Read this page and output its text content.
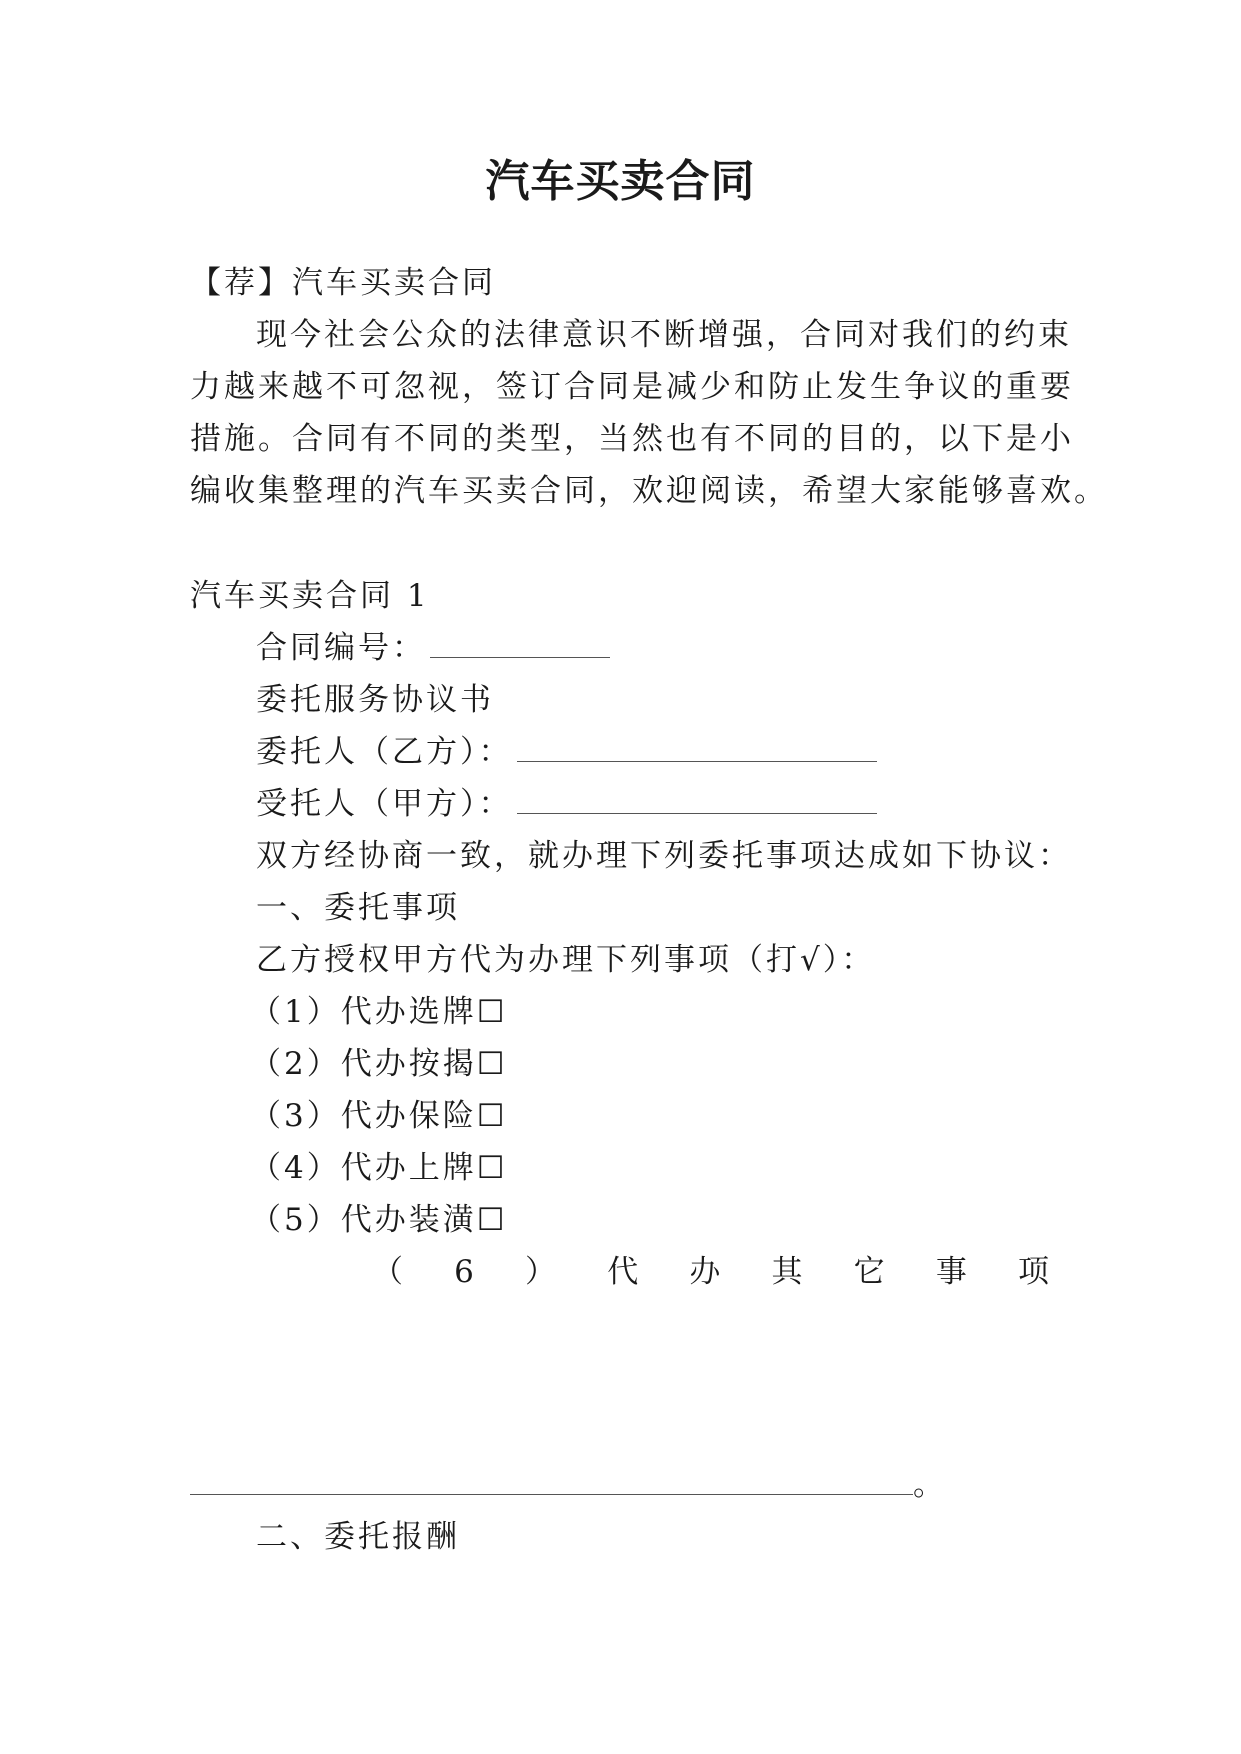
汽车买卖合同
【荐】汽车买卖合同
现今社会公众的法律意识不断增强，合同对我们的约束
力越来越不可忽视，签订合同是减少和防止发生争议的重要
措施。合同有不同的类型，当然也有不同的目的，以下是小
编收集整理的汽车买卖合同，欢迎阅读，希望大家能够喜欢。
汽车买卖合同 1
合同编号：
委托服务协议书
委托人（乙方）：
受托人（甲方）：
双方经协商一致，就办理下列委托事项达成如下协议：
一、委托事项
乙方授权甲方代为办理下列事项（打√）：
（1）代办选牌☐
（2）代办按揭☐
（3）代办保险☐
（4）代办上牌☐
（5）代办装潢☐
（ 6 ） 代 办 其 它 事 项
。
二、委托报酬
